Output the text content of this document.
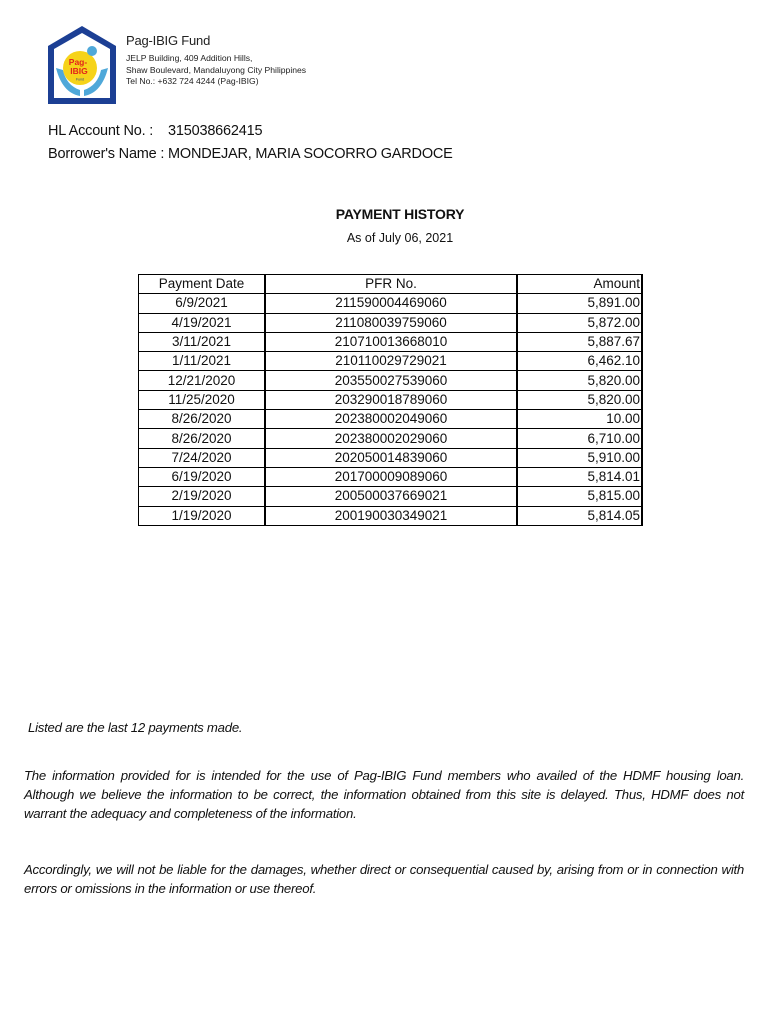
Pag-
IBIG
Fund
Pag-IBIG Fund
JELP Building, 409 Addition Hills,
Shaw Boulevard, Mandaluyong City Philippines
Tel No.: +632 724 4244 (Pag-IBIG)
HL Account No. : 315038662415
Borrower's Name : MONDEJAR, MARIA SOCORRO GARDOCE
PAYMENT HISTORY
As of July 06, 2021
Payment Date	PFR No.	Amount
6/9/2021	211590004469060	5,891.00
4/19/2021	211080039759060	5,872.00
3/11/2021	210710013668010	5,887.67
1/11/2021	210110029729021	6,462.10
12/21/2020	203550027539060	5,820.00
11/25/2020	203290018789060	5,820.00
8/26/2020	202380002049060	10.00
8/26/2020	202380002029060	6,710.00
7/24/2020	202050014839060	5,910.00
6/19/2020	201700009089060	5,814.01
2/19/2020	200500037669021	5,815.00
1/19/2020	200190030349021	5,814.05
Listed are the last 12 payments made.
The information provided for is intended for the use of Pag-IBIG Fund members who availed of the HDMF housing loan. Although we believe the information to be correct, the information obtained from this site is delayed. Thus, HDMF does not warrant the adequacy and completeness of the information.
Accordingly, we will not be liable for the damages, whether direct or consequential caused by, arising from or in connection with errors or omissions in the information or use thereof.
